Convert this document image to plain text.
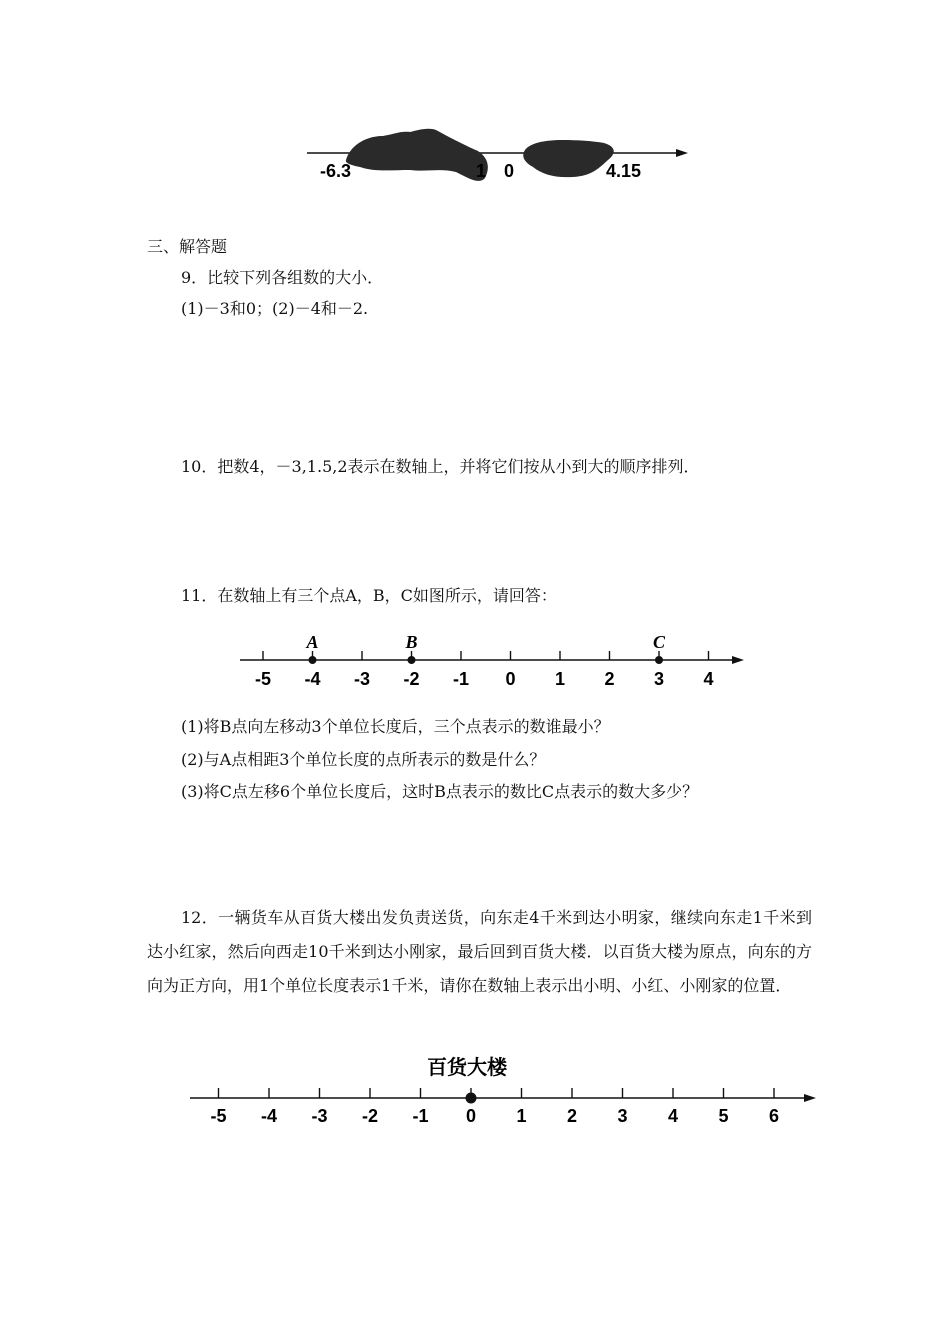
-6.3	1 0	4.15
三、解答题
9．比较下列各组数的大小．
(1)－3和0；(2)－4和－2.
10．把数4，－3,1.5,2表示在数轴上，并将它们按从小到大的顺序排列．
11．在数轴上有三个点A，B，C如图所示，请回答：
-5 -4 -3 -2 -1 0 1 2 3 4
A	B	C
(1)将B点向左移动3个单位长度后，三个点表示的数谁最小？
(2)与A点相距3个单位长度的点所表示的数是什么？
(3)将C点左移6个单位长度后，这时B点表示的数比C点表示的数大多少？
12．一辆货车从百货大楼出发负责送货，向东走4千米到达小明家，继续向东走1千米到达小红家，然后向西走10千米到达小刚家，最后回到百货大楼．以百货大楼为原点，向东的方向为正方向，用1个单位长度表示1千米，请你在数轴上表示出小明、小红、小刚家的位置．
百货大楼
-5 -4 -3 -2 -1 0 1 2 3 4 5 6
